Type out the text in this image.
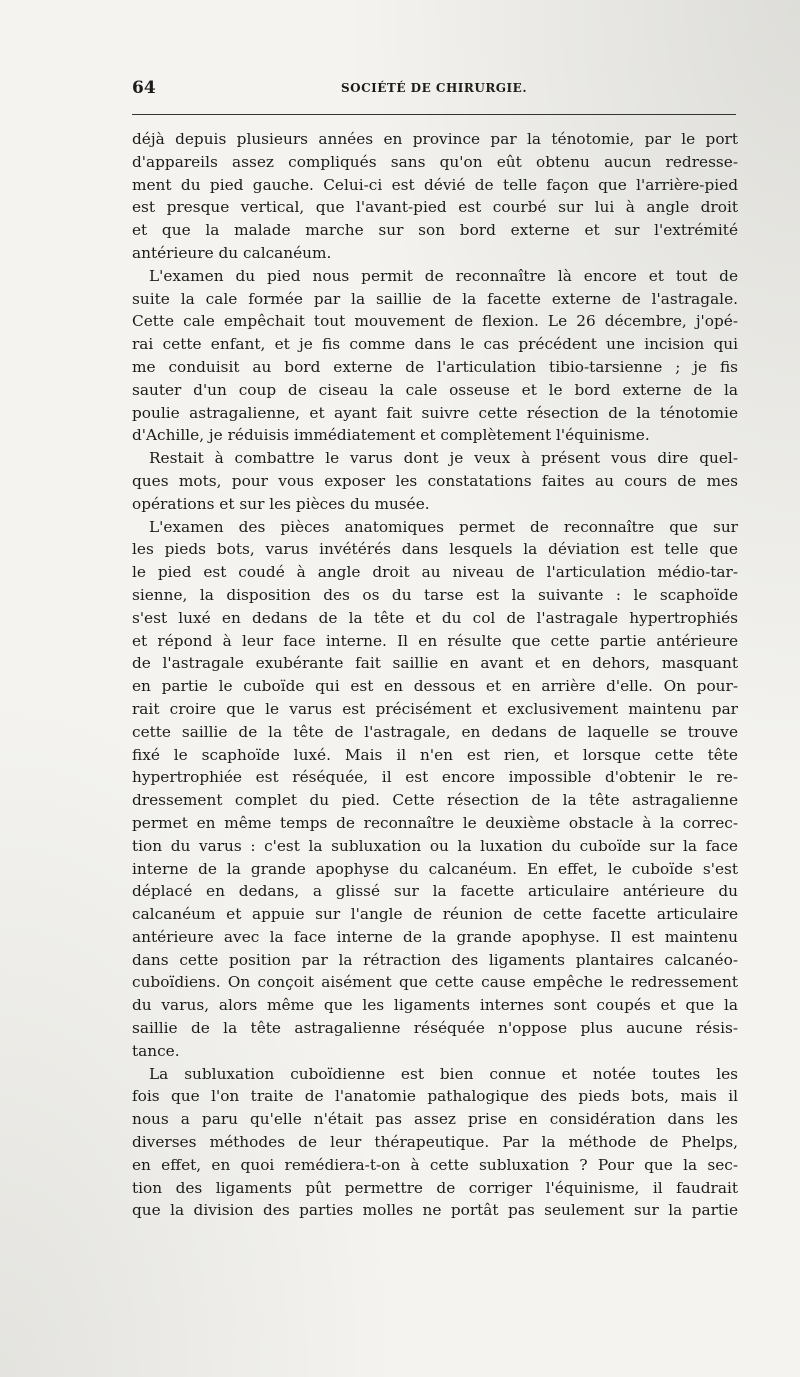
64	SOCIÉTÉ DE CHIRURGIE.
déjà depuis plusieurs années en province par la ténotomie, par le port
d'appareils assez compliqués sans qu'on eût obtenu aucun redresse-
ment du pied gauche. Celui-ci est dévié de telle façon que l'arrière-pied
est presque vertical, que l'avant-pied est courbé sur lui à angle droit
et que la malade marche sur son bord externe et sur l'extrémité
antérieure du calcanéum.
L'examen du pied nous permit de reconnaître là encore et tout de
suite la cale formée par la saillie de la facette externe de l'astragale.
Cette cale empêchait tout mouvement de flexion. Le 26 décembre, j'opé-
rai cette enfant, et je fis comme dans le cas précédent une incision qui
me conduisit au bord externe de l'articulation tibio-tarsienne ; je fis
sauter d'un coup de ciseau la cale osseuse et le bord externe de la
poulie astragalienne, et ayant fait suivre cette résection de la ténotomie
d'Achille, je réduisis immédiatement et complètement l'équinisme.
Restait à combattre le varus dont je veux à présent vous dire quel-
ques mots, pour vous exposer les constatations faites au cours de mes
opérations et sur les pièces du musée.
L'examen des pièces anatomiques permet de reconnaître que sur
les pieds bots, varus invétérés dans lesquels la déviation est telle que
le pied est coudé à angle droit au niveau de l'articulation médio-tar-
sienne, la disposition des os du tarse est la suivante : le scaphoïde
s'est luxé en dedans de la tête et du col de l'astragale hypertrophiés
et répond à leur face interne. Il en résulte que cette partie antérieure
de l'astragale exubérante fait saillie en avant et en dehors, masquant
en partie le cuboïde qui est en dessous et en arrière d'elle. On pour-
rait croire que le varus est précisément et exclusivement maintenu par
cette saillie de la tête de l'astragale, en dedans de laquelle se trouve
fixé le scaphoïde luxé. Mais il n'en est rien, et lorsque cette tête
hypertrophiée est réséquée, il est encore impossible d'obtenir le re-
dressement complet du pied. Cette résection de la tête astragalienne
permet en même temps de reconnaître le deuxième obstacle à la correc-
tion du varus : c'est la subluxation ou la luxation du cuboïde sur la face
interne de la grande apophyse du calcanéum. En effet, le cuboïde s'est
déplacé en dedans, a glissé sur la facette articulaire antérieure du
calcanéum et appuie sur l'angle de réunion de cette facette articulaire
antérieure avec la face interne de la grande apophyse. Il est maintenu
dans cette position par la rétraction des ligaments plantaires calcanéo-
cuboïdiens. On conçoit aisément que cette cause empêche le redressement
du varus, alors même que les ligaments internes sont coupés et que la
saillie de la tête astragalienne réséquée n'oppose plus aucune résis-
tance.
La subluxation cuboïdienne est bien connue et notée toutes les
fois que l'on traite de l'anatomie pathalogique des pieds bots, mais il
nous a paru qu'elle n'était pas assez prise en considération dans les
diverses méthodes de leur thérapeutique. Par la méthode de Phelps,
en effet, en quoi remédiera-t-on à cette subluxation ? Pour que la sec-
tion des ligaments pût permettre de corriger l'équinisme, il faudrait
que la division des parties molles ne portât pas seulement sur la partie
